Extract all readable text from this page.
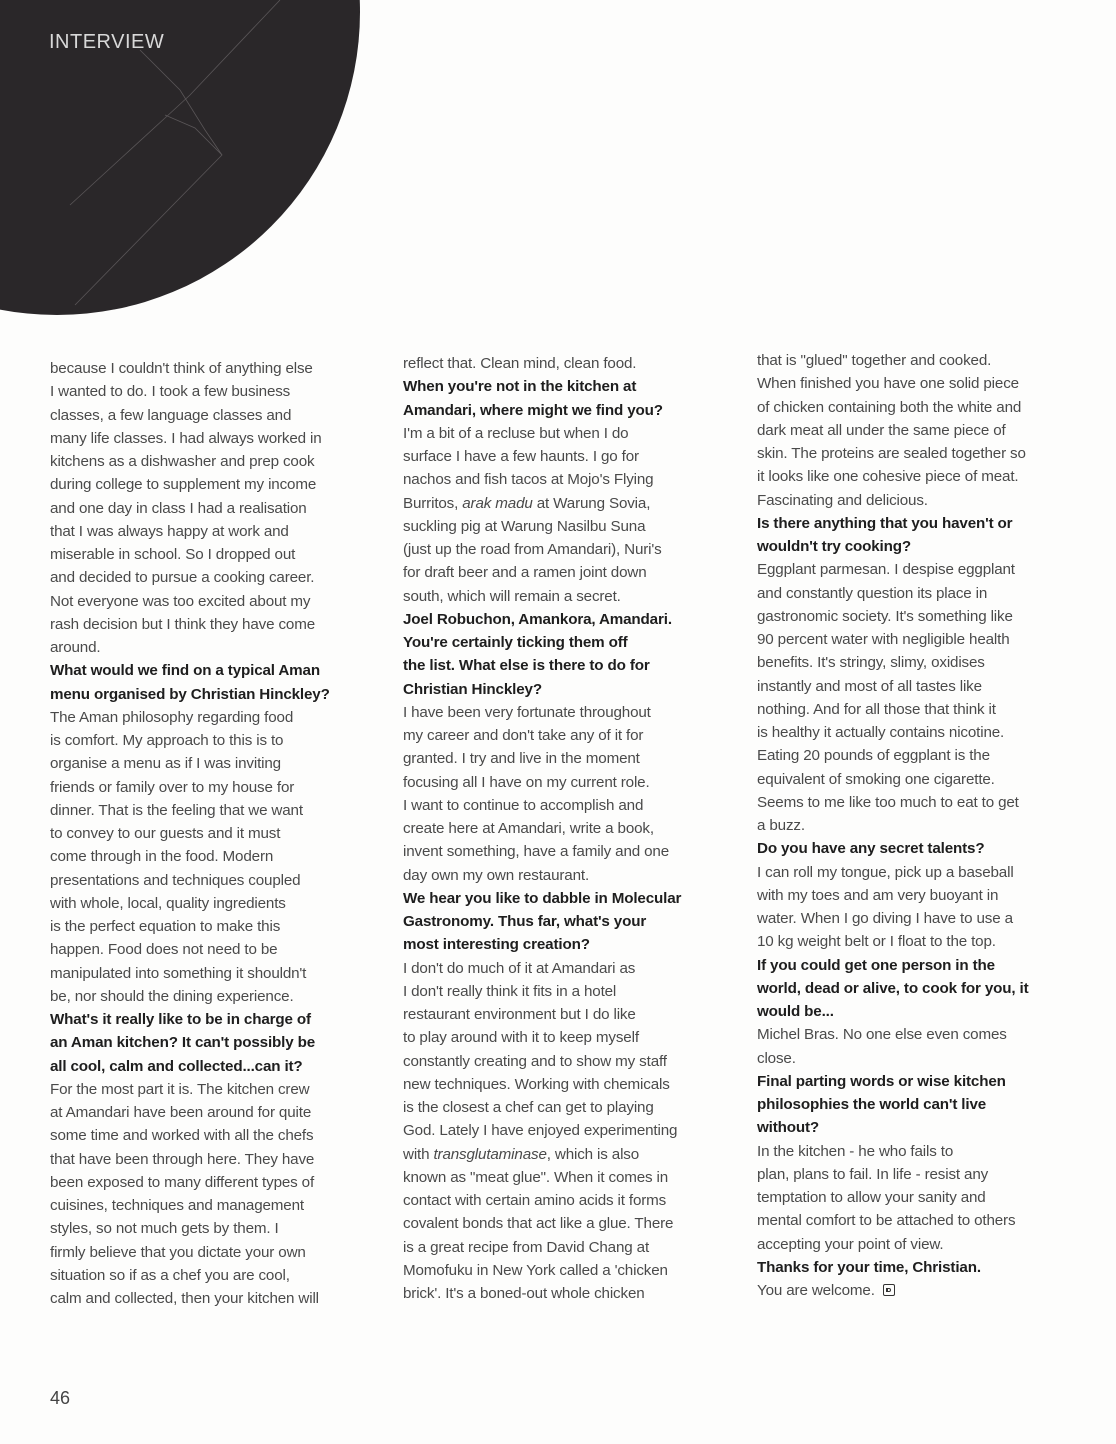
INTERVIEW
because I couldn't think of anything else
I wanted to do. I took a few business
classes, a few language classes and
many life classes. I had always worked in
kitchens as a dishwasher and prep cook
during college to supplement my income
and one day in class I had a realisation
that I was always happy at work and
miserable in school. So I dropped out
and decided to pursue a cooking career.
Not everyone was too excited about my
rash decision but I think they have come
around.
What would we find on a typical Aman
menu organised by Christian Hinckley?
The Aman philosophy regarding food
is comfort. My approach to this is to
organise a menu as if I was inviting
friends or family over to my house for
dinner. That is the feeling that we want
to convey to our guests and it must
come through in the food. Modern
presentations and techniques coupled
with whole, local, quality ingredients
is the perfect equation to make this
happen. Food does not need to be
manipulated into something it shouldn't
be, nor should the dining experience.
What's it really like to be in charge of
an Aman kitchen? It can't possibly be
all cool, calm and collected...can it?
For the most part it is. The kitchen crew
at Amandari have been around for quite
some time and worked with all the chefs
that have been through here. They have
been exposed to many different types of
cuisines, techniques and management
styles, so not much gets by them. I
firmly believe that you dictate your own
situation so if as a chef you are cool,
calm and collected, then your kitchen will
reflect that. Clean mind, clean food.
When you're not in the kitchen at
Amandari, where might we find you?
I'm a bit of a recluse but when I do
surface I have a few haunts. I go for
nachos and fish tacos at Mojo's Flying
Burritos, arak madu at Warung Sovia,
suckling pig at Warung Nasilbu Suna
(just up the road from Amandari), Nuri's
for draft beer and a ramen joint down
south, which will remain a secret.
Joel Robuchon, Amankora, Amandari.
You're certainly ticking them off
the list. What else is there to do for
Christian Hinckley?
I have been very fortunate throughout
my career and don't take any of it for
granted. I try and live in the moment
focusing all I have on my current role.
I want to continue to accomplish and
create here at Amandari, write a book,
invent something, have a family and one
day own my own restaurant.
We hear you like to dabble in Molecular
Gastronomy. Thus far, what's your
most interesting creation?
I don't do much of it at Amandari as
I don't really think it fits in a hotel
restaurant environment but I do like
to play around with it to keep myself
constantly creating and to show my staff
new techniques. Working with chemicals
is the closest a chef can get to playing
God. Lately I have enjoyed experimenting
with transglutaminase, which is also
known as "meat glue". When it comes in
contact with certain amino acids it forms
covalent bonds that act like a glue. There
is a great recipe from David Chang at
Momofuku in New York called a 'chicken
brick'. It's a boned-out whole chicken
that is "glued" together and cooked.
When finished you have one solid piece
of chicken containing both the white and
dark meat all under the same piece of
skin. The proteins are sealed together so
it looks like one cohesive piece of meat.
Fascinating and delicious.
Is there anything that you haven't or
wouldn't try cooking?
Eggplant parmesan. I despise eggplant
and constantly question its place in
gastronomic society. It's something like
90 percent water with negligible health
benefits. It's stringy, slimy, oxidises
instantly and most of all tastes like
nothing. And for all those that think it
is healthy it actually contains nicotine.
Eating 20 pounds of eggplant is the
equivalent of smoking one cigarette.
Seems to me like too much to eat to get
a buzz.
Do you have any secret talents?
I can roll my tongue, pick up a baseball
with my toes and am very buoyant in
water. When I go diving I have to use a
10 kg weight belt or I float to the top.
If you could get one person in the
world, dead or alive, to cook for you, it
would be...
Michel Bras. No one else even comes
close.
Final parting words or wise kitchen
philosophies the world can't live
without?
In the kitchen - he who fails to
plan, plans to fail. In life - resist any
temptation to allow your sanity and
mental comfort to be attached to others
accepting your point of view.
Thanks for your time, Christian.
You are welcome.
46
